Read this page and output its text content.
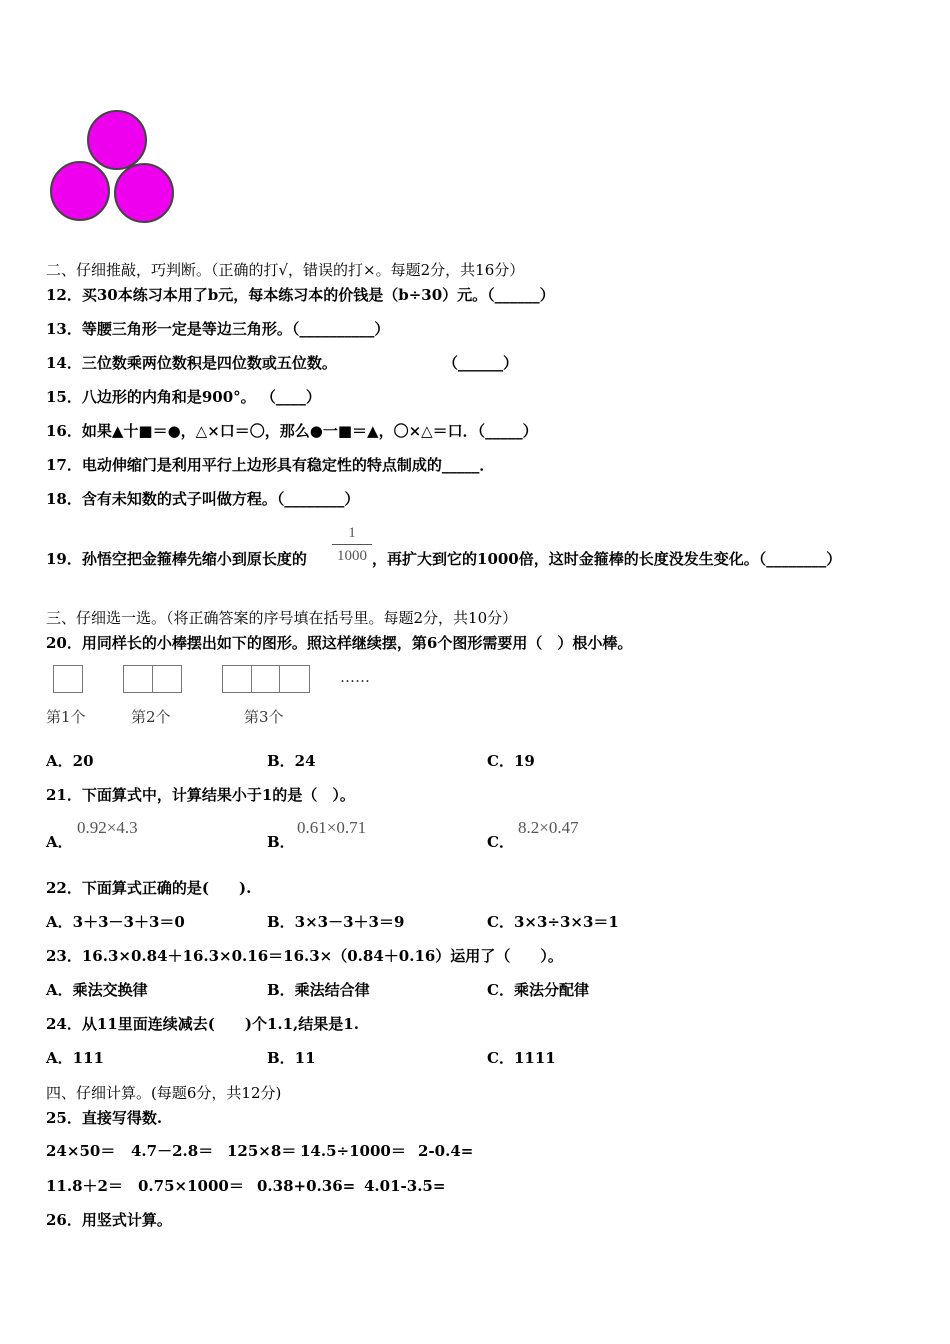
二、仔细推敲，巧判断。（正确的打√，错误的打×。每题2分，共16分）
12．买30本练习本用了b元，每本练习本的价钱是（b÷30）元。（______）
13．等腰三角形一定是等边三角形。（__________）
14．三位数乘两位数积是四位数或五位数。	（______）
15．八边形的内角和是900°。 （____）
16．如果▲十■＝●，△×口＝〇，那么●一■＝▲，〇×△＝口．（_____）
17．电动伸缩门是利用平行上边形具有稳定性的特点制成的_____．
18．含有未知数的式子叫做方程。（________）
19．孙悟空把金箍棒先缩小到原长度的
1
1000 ，再扩大到它的1000倍，这时金箍棒的长度没发生变化。（________）
三、仔细选一选。（将正确答案的序号填在括号里。每题2分，共10分）
20．用同样长的小棒摆出如下的图形。照这样继续摆，第6个图形需要用（　）根小棒。
……
第1个	第2个	第3个
A．20	B．24	C．19
21．下面算式中，计算结果小于1的是（　）。
A．
0.92×4.3
B．
0.61×0.71
C．
8.2×0.47
22．下面算式正确的是(　　).
A．3＋3－3＋3＝0	B．3×3－3＋3＝9	C．3×3÷3×3＝1
23．16.3×0.84＋16.3×0.16＝16.3×（0.84＋0.16）运用了（　　）。
A．乘法交换律	B．乘法结合律	C．乘法分配律
24．从11里面连续减去(　　)个1.1,结果是1.
A．111	B．11	C．1111
四、仔细计算。(每题6分，共12分)
25．直接写得数.
24×50＝ 4.7－2.8＝ 125×8＝ 14.5÷1000＝ 2-0.4=
11.8＋2＝ 0.75×1000＝ 0.38+0.36= 4.01-3.5=
26．用竖式计算。
